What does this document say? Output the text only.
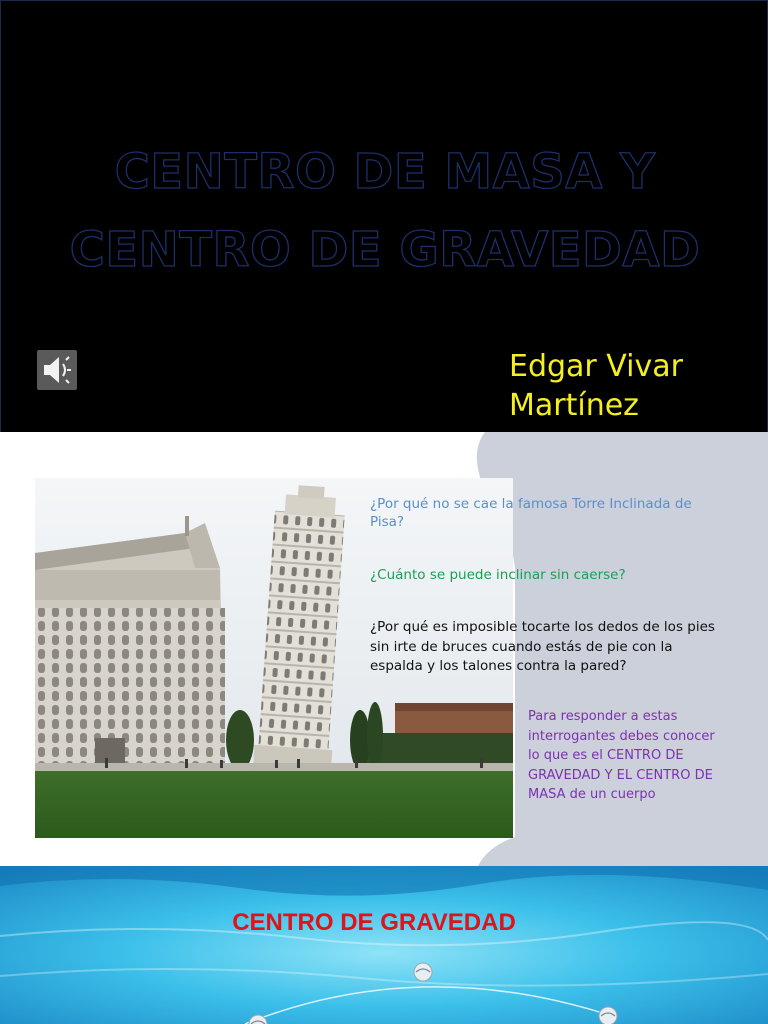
CENTRO DE MASA Y
CENTRO DE GRAVEDAD
Edgar Vivar
Martínez

¿Por qué no se cae la famosa Torre Inclinada de Pisa?

¿Cuánto se puede inclinar sin caerse?

¿Por qué es imposible tocarte los dedos de los pies sin irte de bruces cuando estás de pie con la espalda y los talones contra la pared?

Para responder a estas interrogantes debes conocer lo que es el CENTRO DE GRAVEDAD Y EL CENTRO DE MASA de un cuerpo

CENTRO DE GRAVEDAD
